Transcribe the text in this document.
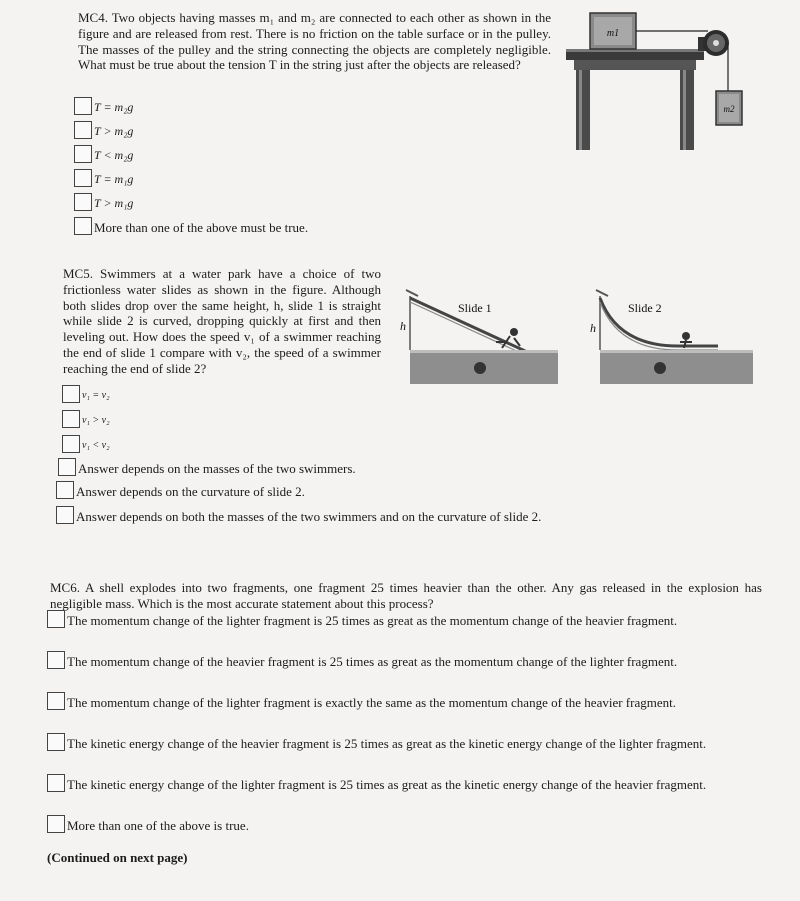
MC4. Two objects having masses m₁ and m₂ are connected to each other as shown in the figure and are released from rest. There is no friction on the table surface or in the pulley. The masses of the pulley and the string connecting the objects are completely negligible. What must be true about the tension T in the string just after the objects are released?

T = m₂g
T > m₂g
T < m₂g
T = m₁g
T > m₁g
More than one of the above must be true.
m1
m2

MC5. Swimmers at a water park have a choice of two frictionless water slides as shown in the figure. Although both slides drop over the same height, h, slide 1 is straight while slide 2 is curved, dropping quickly at first and then leveling out. How does the speed v₁ of a swimmer reaching the end of slide 1 compare with v₂, the speed of a swimmer reaching the end of slide 2?

Slide 1
h
Slide 2
h
v₁ = v₂
v₁ > v₂
v₁ < v₂
Answer depends on the masses of the two swimmers.
Answer depends on the curvature of slide 2.
Answer depends on both the masses of the two swimmers and on the curvature of slide 2.

MC6. A shell explodes into two fragments, one fragment 25 times heavier than the other. Any gas released in the explosion has negligible mass. Which is the most accurate statement about this process?

The momentum change of the lighter fragment is 25 times as great as the momentum change of the heavier fragment.
The momentum change of the heavier fragment is 25 times as great as the momentum change of the lighter fragment.
The momentum change of the lighter fragment is exactly the same as the momentum change of the heavier fragment.
The kinetic energy change of the heavier fragment is 25 times as great as the kinetic energy change of the lighter fragment.
The kinetic energy change of the lighter fragment is 25 times as great as the kinetic energy change of the heavier fragment.
More than one of the above is true.
(Continued on next page)
